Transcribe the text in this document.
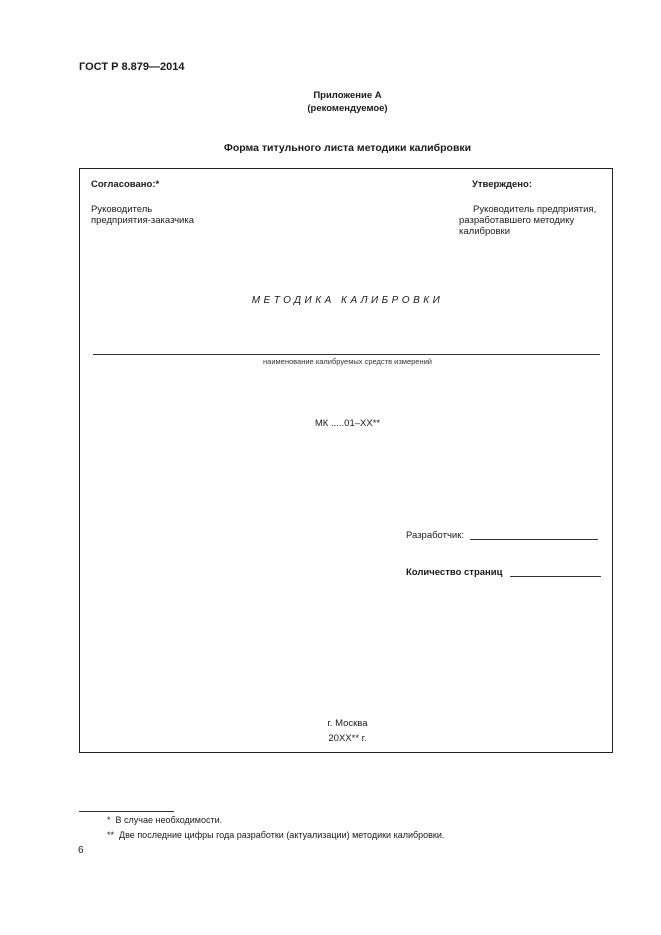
ГОСТ Р 8.879—2014
Приложение А
(рекомендуемое)
Форма титульного листа методики калибровки
Согласовано:*
Руководитель
предприятия-заказчика
Утверждено:
Руководитель предприятия,
разработавшего методику
калибровки
МЕТОДИКА КАЛИБРОВКИ
наименование калибруемых средств измерений
МК .....01–XX**
Разработчик:
Количество страниц
г. Москва
20XX** г.
* В случае необходимости.
** Две последние цифры года разработки (актуализации) методики калибровки.
6
